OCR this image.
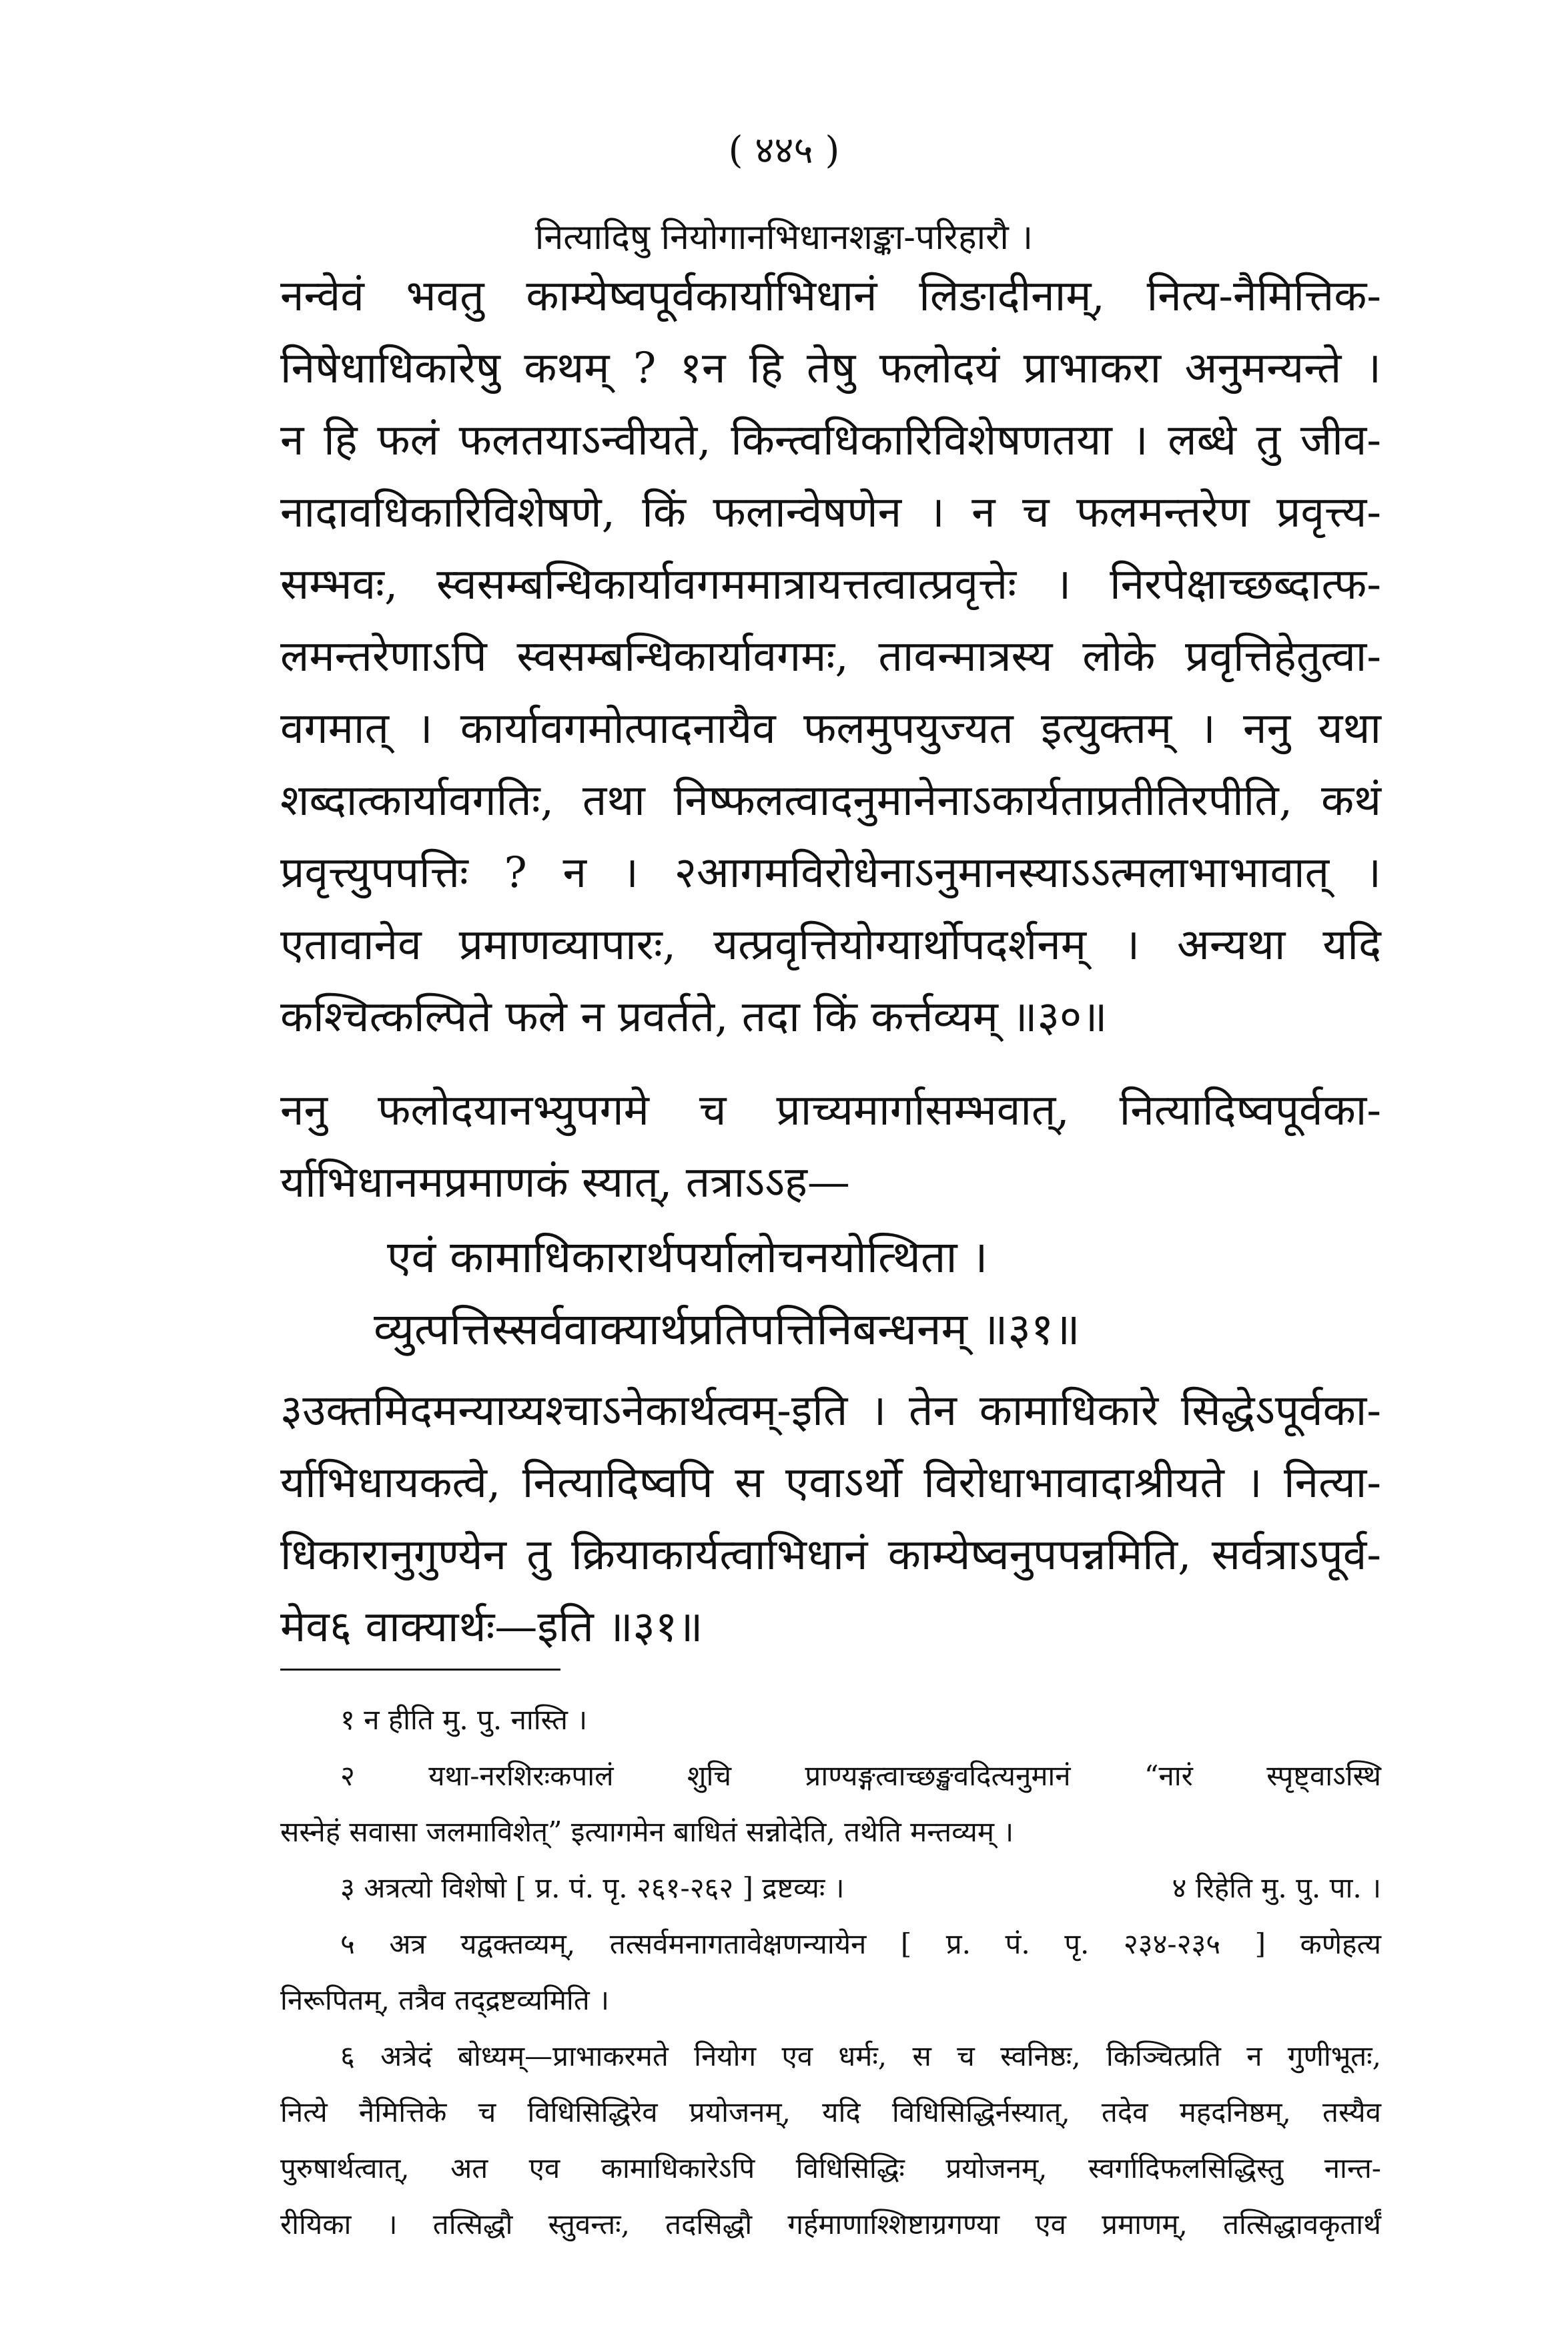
( ४४५ )
नित्यादिषु नियोगानभिधानशङ्का-परिहारौ ।
नन्वेवं भवतु काम्येष्वपूर्वकार्याभिधानं लिङादीनाम्, नित्य-नैमित्तिक-
निषेधाधिकारेषु कथम् ? १न हि तेषु फलोदयं प्राभाकरा अनुमन्यन्ते ।
न हि फलं फलतयाऽन्वीयते, किन्त्वधिकारिविशेषणतया । लब्धे तु जीव-
नादावधिकारिविशेषणे, किं फलान्वेषणेन । न च फलमन्तरेण प्रवृत्त्य-
सम्भवः, स्वसम्बन्धिकार्यावगममात्रायत्तत्वात्प्रवृत्तेः । निरपेक्षाच्छब्दात्फ-
लमन्तरेणाऽपि स्वसम्बन्धिकार्यावगमः, तावन्मात्रस्य लोके प्रवृत्तिहेतुत्वा-
वगमात् । कार्यावगमोत्पादनायैव फलमुपयुज्यत इत्युक्तम् । ननु यथा
शब्दात्कार्यावगतिः, तथा निष्फलत्वादनुमानेनाऽकार्यताप्रतीतिरपीति, कथं
प्रवृत्त्युपपत्तिः ? न । २आगमविरोधेनाऽनुमानस्याऽऽत्मलाभाभावात् ।
एतावानेव प्रमाणव्यापारः, यत्प्रवृत्तियोग्यार्थोपदर्शनम् । अन्यथा यदि
कश्चित्कल्पिते फले न प्रवर्तते, तदा किं कर्त्तव्यम् ॥३०॥
ननु फलोदयानभ्युपगमे च प्राच्यमार्गासम्भवात्, नित्यादिष्वपूर्वका-
र्याभिधानमप्रमाणकं स्यात्, तत्राऽऽह—
एवं कामाधिकारार्थपर्यालोचनयोत्थिता ।
व्युत्पत्तिस्सर्ववाक्यार्थप्रतिपत्तिनिबन्धनम् ॥३१॥
३उक्तमिदमन्याय्यश्चाऽनेकार्थत्वम्-इति । तेन कामाधिकारे सिद्धेऽपूर्वका-
र्याभिधायकत्वे, नित्यादिष्वपि स एवाऽर्थो विरोधाभावादाश्रीयते । नित्या-
धिकारानुगुण्येन तु क्रियाकार्यत्वाभिधानं काम्येष्वनुपपन्नमिति, सर्वत्राऽपूर्व-
मेव६ वाक्यार्थः—इति ॥३१॥
१ न हीति मु. पु. नास्ति ।
२ यथा-नरशिरःकपालं शुचि प्राण्यङ्गत्वाच्छङ्खवदित्यनुमानं “नारं स्पृष्ट्वाऽस्थि
सस्नेहं सवासा जलमाविशेत्” इत्यागमेन बाधितं सन्नोदेति, तथेति मन्तव्यम् ।
३ अत्रत्यो विशेषो [ प्र. पं. पृ. २६१-२६२ ] द्रष्टव्यः ।	४ रिहेति मु. पु. पा. ।
५ अत्र यद्वक्तव्यम्, तत्सर्वमनागतावेक्षणन्यायेन [ प्र. पं. पृ. २३४-२३५ ] कणेहत्य
निरूपितम्, तत्रैव तद्द्रष्टव्यमिति ।
६ अत्रेदं बोध्यम्—प्राभाकरमते नियोग एव धर्मः, स च स्वनिष्ठः, किञ्चित्प्रति न गुणीभूतः,
नित्ये नैमित्तिके च विधिसिद्धिरेव प्रयोजनम्, यदि विधिसिद्धिर्नस्यात्, तदेव महदनिष्ठम्, तस्यैव
पुरुषार्थत्वात्, अत एव कामाधिकारेऽपि विधिसिद्धिः प्रयोजनम्, स्वर्गादिफलसिद्धिस्तु नान्त-
रीयिका । तत्सिद्धौ स्तुवन्तः, तदसिद्धौ गर्हमाणाश्शिष्टाग्रगण्या एव प्रमाणम्, तत्सिद्धावकृतार्थं
